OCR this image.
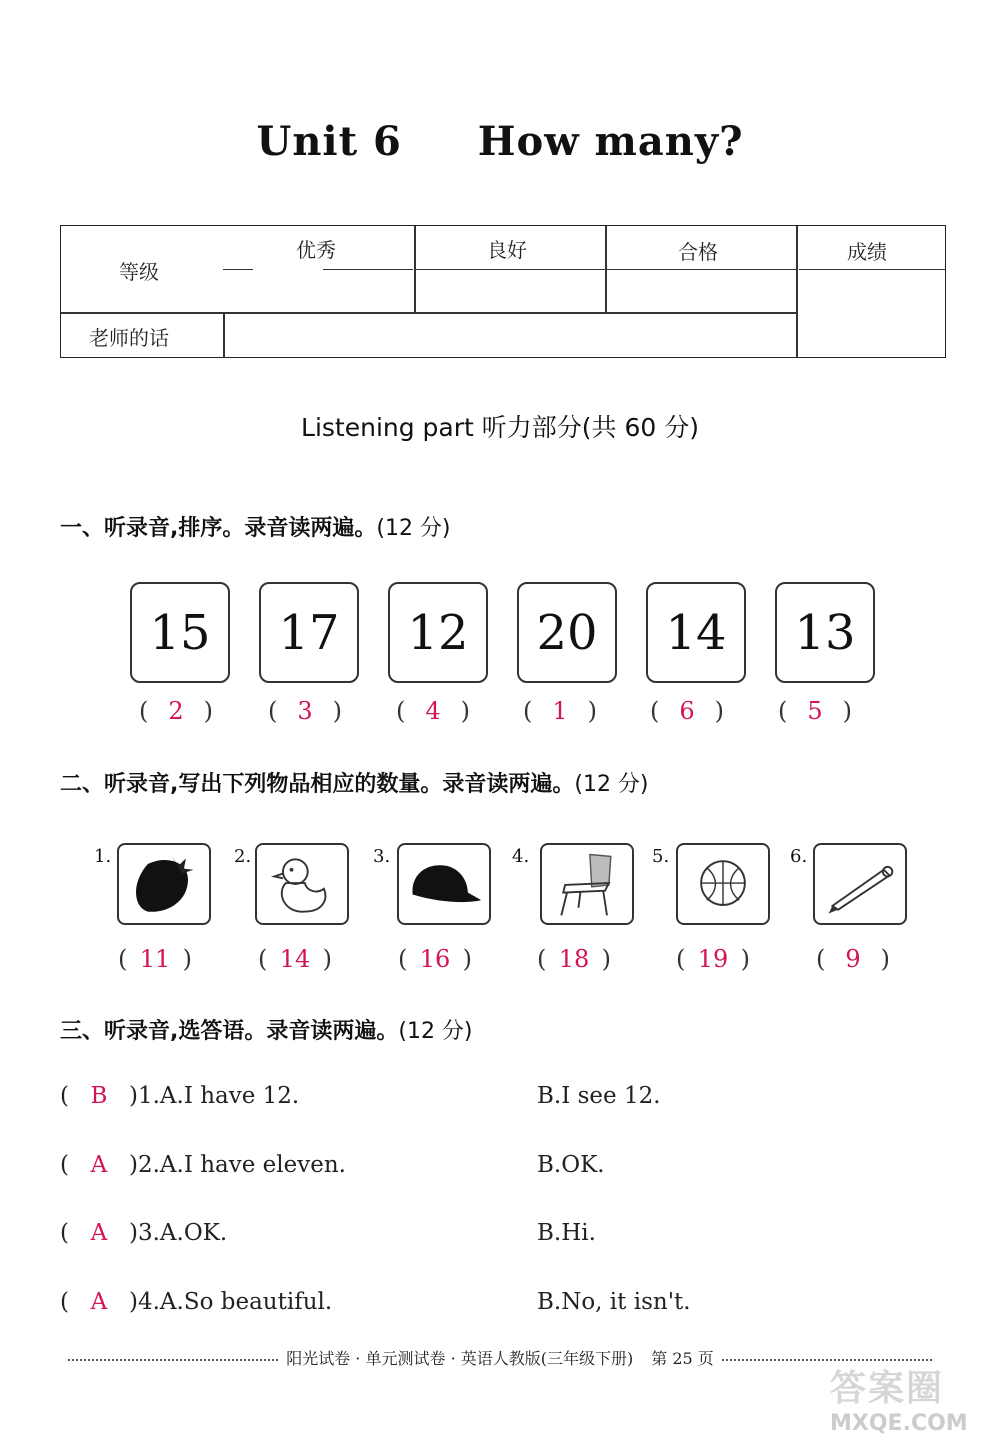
Unit 6 How many?
等级
优秀	良好	合格	成绩
老师的话
Listening part 听力部分(共 60 分)
一、听录音,排序。录音读两遍。(12 分)
15	17	12	20	14	13
( 2 ) ( 3 ) ( 4 ) ( 1 ) ( 6 ) ( 5 )
二、听录音,写出下列物品相应的数量。录音读两遍。(12 分)
1.	2.	3.	4.	5.	6.
( 11 )	( 14 )	( 16 )	( 18 )	( 19 )	( 9 )
三、听录音,选答语。录音读两遍。(12 分)
( B )1.A.I have 12.	B.I see 12.
( A )2.A.I have eleven.	B.OK.
( A )3.A.OK.	B.Hi.
( A )4.A.So beautiful.	B.No, it isn't.
阳光试卷 · 单元测试卷 · 英语人教版(三年级下册) 第 25 页
答案圈
MXQE.COM
